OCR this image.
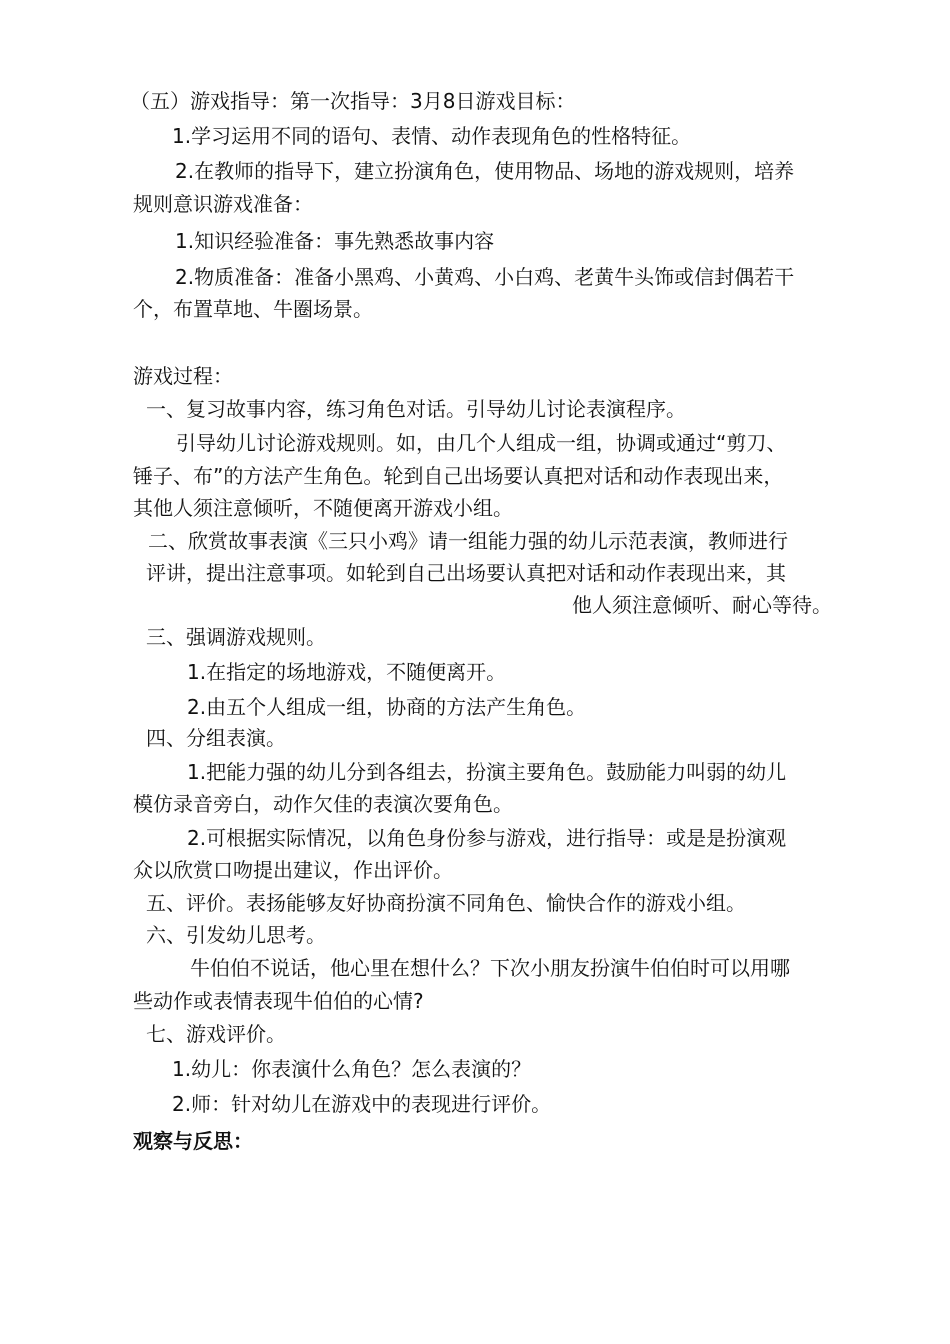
（五）游戏指导：第一次指导：3月8日游戏目标：
1.学习运用不同的语句、表情、动作表现角色的性格特征。
2.在教师的指导下，建立扮演角色，使用物品、场地的游戏规则，培养
规则意识游戏准备：
1.知识经验准备：事先熟悉故事内容
2.物质准备：准备小黑鸡、小黄鸡、小白鸡、老黄牛头饰或信封偶若干
个，布置草地、牛圈场景。
游戏过程：
一、复习故事内容，练习角色对话。引导幼儿讨论表演程序。
引导幼儿讨论游戏规则。如，由几个人组成一组，协调或通过“剪刀、
锤子、布”的方法产生角色。轮到自己出场要认真把对话和动作表现出来，
其他人须注意倾听，不随便离开游戏小组。
二、欣赏故事表演《三只小鸡》请一组能力强的幼儿示范表演，教师进行
评讲，提出注意事项。如轮到自己出场要认真把对话和动作表现出来，其
他人须注意倾听、耐心等待。
三、强调游戏规则。
1.在指定的场地游戏，不随便离开。
2.由五个人组成一组，协商的方法产生角色。
四、分组表演。
1.把能力强的幼儿分到各组去，扮演主要角色。鼓励能力叫弱的幼儿
模仿录音旁白，动作欠佳的表演次要角色。
2.可根据实际情况，以角色身份参与游戏，进行指导：或是是扮演观
众以欣赏口吻提出建议，作出评价。
五、评价。表扬能够友好协商扮演不同角色、愉快合作的游戏小组。
六、引发幼儿思考。
牛伯伯不说话，他心里在想什么？下次小朋友扮演牛伯伯时可以用哪
些动作或表情表现牛伯伯的心情?
七、游戏评价。
1.幼儿：你表演什么角色？怎么表演的？
2.师：针对幼儿在游戏中的表现进行评价。
观察与反思：
